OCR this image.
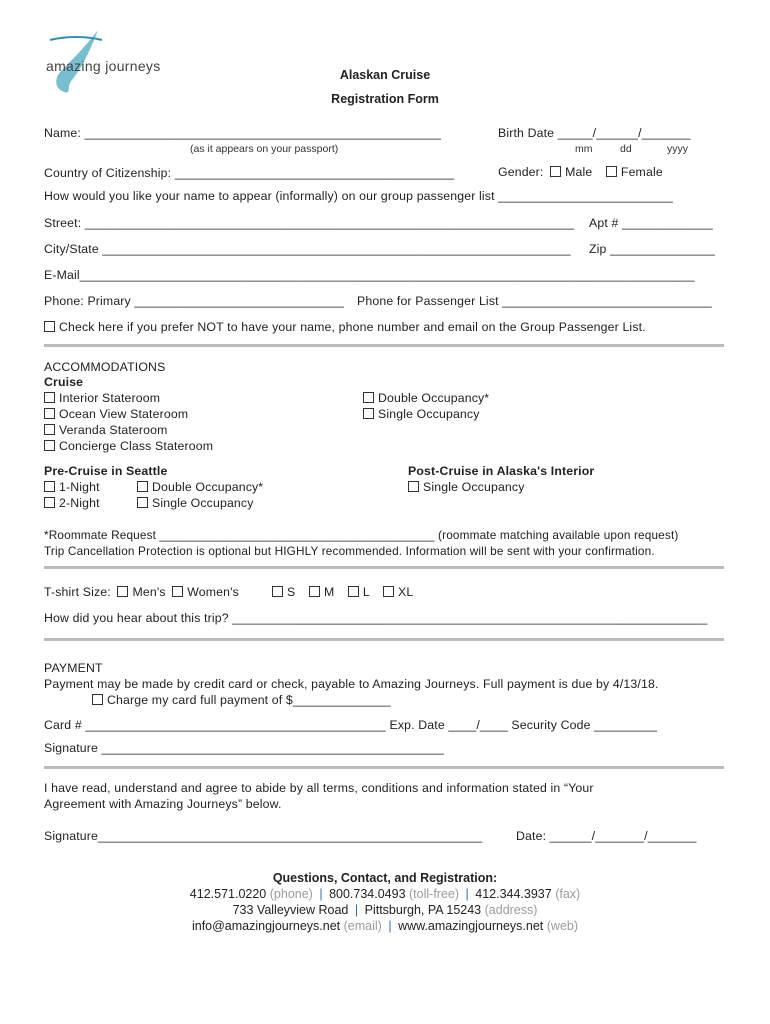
amazing journeys
Alaskan Cruise
Registration Form
Name: ___________________________________________________
(as it appears on your passport)
Birth Date _____/______/_______
mm	dd	yyyy
Country of Citizenship: ________________________________________	Gender: Male Female
How would you like your name to appear (informally) on our group passenger list _________________________
Street: ______________________________________________________________________ Apt # _____________
City/State ___________________________________________________________________ Zip _______________
E-Mail________________________________________________________________________________________
Phone: Primary ______________________________ Phone for Passenger List ______________________________
Check here if you prefer NOT to have your name, phone number and email on the Group Passenger List.
ACCOMMODATIONS
Cruise
Interior Stateroom
Ocean View Stateroom
Veranda Stateroom
Concierge Class Stateroom
Double Occupancy*
Single Occupancy
Pre-Cruise in Seattle
1-Night
2-Night
Double Occupancy*
Single Occupancy
Post-Cruise in Alaska's Interior
Single Occupancy
*Roommate Request _________________________________________ (roommate matching available upon request)
Trip Cancellation Protection is optional but HIGHLY recommended. Information will be sent with your confirmation.
T-shirt Size: Men's Women's	S M L XL
How did you hear about this trip? ____________________________________________________________________
PAYMENT
Payment may be made by credit card or check, payable to Amazing Journeys. Full payment is due by 4/13/18.
Charge my card full payment of $______________
Card # ___________________________________________ Exp. Date ____/____ Security Code _________
Signature _________________________________________________
I have read, understand and agree to abide by all terms, conditions and information stated in “Your
Agreement with Amazing Journeys” below.
Signature_______________________________________________________	Date: ______/_______/_______
Questions, Contact, and Registration:
412.571.0220 (phone) | 800.734.0493 (toll-free) | 412.344.3937 (fax)
733 Valleyview Road | Pittsburgh, PA 15243 (address)
info@amazingjourneys.net (email) | www.amazingjourneys.net (web)
